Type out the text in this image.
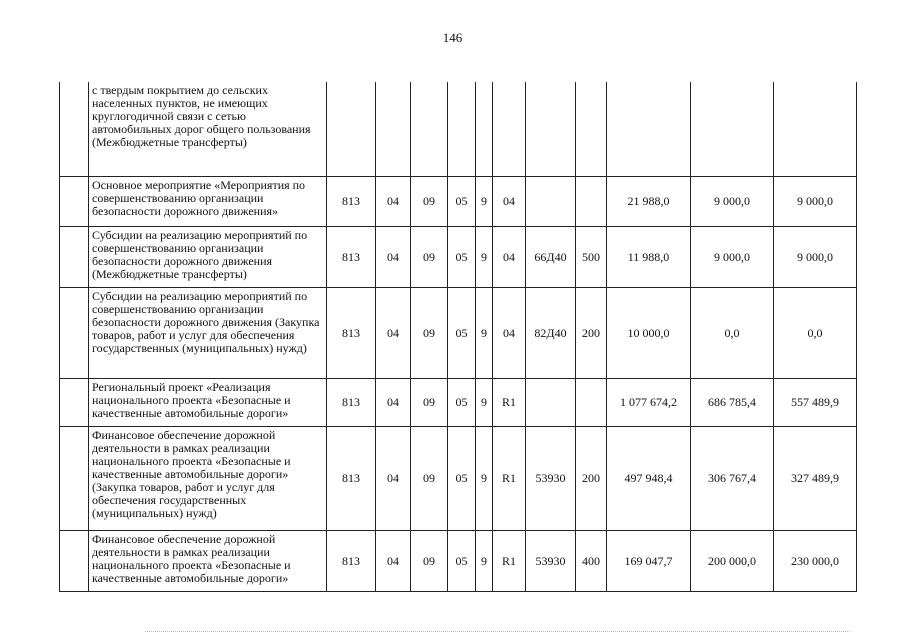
146
	с твердым покрытием до сельских населенных пунктов, не имеющих круглогодичной связи с сетью автомобильных дорог общего пользования (Межбюджетные трансферты)											
	Основное мероприятие «Мероприятия по совершенствованию организации безопасности дорожного движения»	813	04	09	05	9	04			21 988,0	9 000,0	9 000,0
	Субсидии на реализацию мероприятий по совершенствованию организации безопасности дорожного движения (Межбюджетные трансферты)	813	04	09	05	9	04	66Д40	500	11 988,0	9 000,0	9 000,0
	Субсидии на реализацию мероприятий по совершенствованию организации безопасности дорожного движения (Закупка товаров, работ и услуг для обеспечения государственных (муниципальных) нужд)	813	04	09	05	9	04	82Д40	200	10 000,0	0,0	0,0
	Региональный проект «Реализация национального проекта «Безопасные и качественные автомобильные дороги»	813	04	09	05	9	R1			1 077 674,2	686 785,4	557 489,9
	Финансовое обеспечение дорожной деятельности в рамках реализации национального проекта «Безопасные и качественные автомобильные дороги» (Закупка товаров, работ и услуг для обеспечения государственных (муниципальных) нужд)	813	04	09	05	9	R1	53930	200	497 948,4	306 767,4	327 489,9
	Финансовое обеспечение дорожной деятельности в рамках реализации национального проекта «Безопасные и качественные автомобильные дороги»	813	04	09	05	9	R1	53930	400	169 047,7	200 000,0	230 000,0
